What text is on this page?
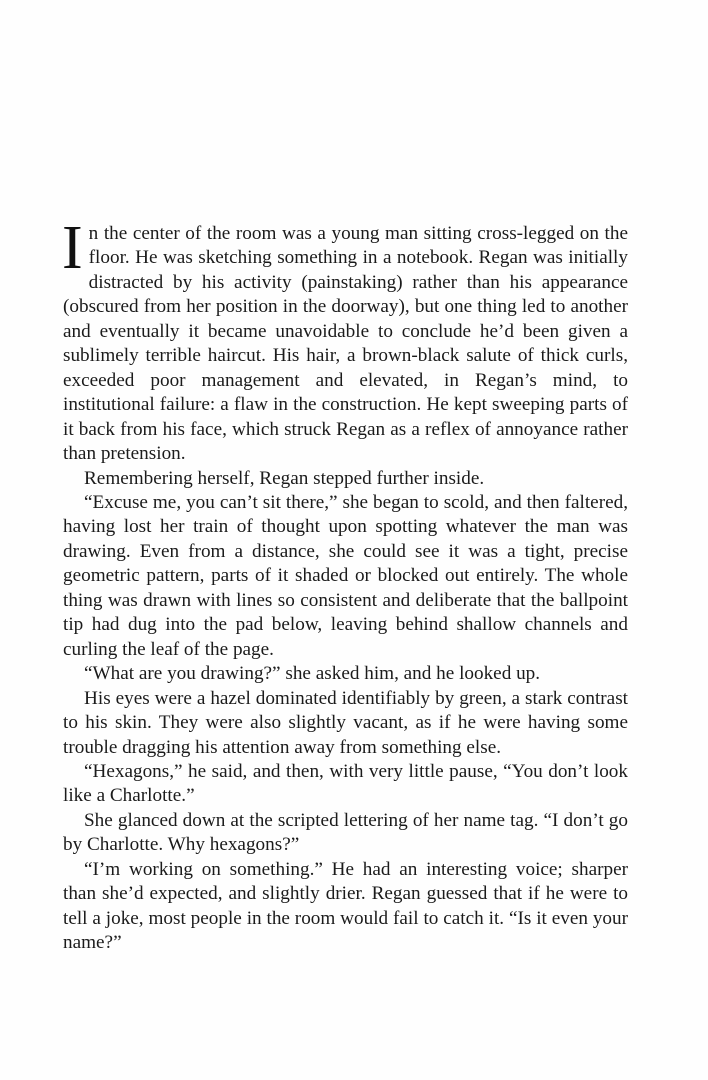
In the center of the room was a young man sitting cross-legged on the floor. He was sketching something in a notebook. Regan was initially distracted by his activity (painstaking) rather than his appearance (obscured from her position in the doorway), but one thing led to another and eventually it became unavoidable to conclude he’d been given a sublimely terrible haircut. His hair, a brown-black salute of thick curls, exceeded poor management and elevated, in Regan’s mind, to institutional failure: a flaw in the construction. He kept sweeping parts of it back from his face, which struck Regan as a reflex of annoyance rather than pretension.

Remembering herself, Regan stepped further inside.

“Excuse me, you can’t sit there,” she began to scold, and then faltered, having lost her train of thought upon spotting whatever the man was drawing. Even from a distance, she could see it was a tight, precise geometric pattern, parts of it shaded or blocked out entirely. The whole thing was drawn with lines so consistent and deliberate that the ballpoint tip had dug into the pad below, leaving behind shallow channels and curling the leaf of the page.

“What are you drawing?” she asked him, and he looked up.

His eyes were a hazel dominated identifiably by green, a stark contrast to his skin. They were also slightly vacant, as if he were having some trouble dragging his attention away from something else.

“Hexagons,” he said, and then, with very little pause, “You don’t look like a Charlotte.”

She glanced down at the scripted lettering of her name tag. “I don’t go by Charlotte. Why hexagons?”

“I’m working on something.” He had an interesting voice; sharper than she’d expected, and slightly drier. Regan guessed that if he were to tell a joke, most people in the room would fail to catch it. “Is it even your name?”
